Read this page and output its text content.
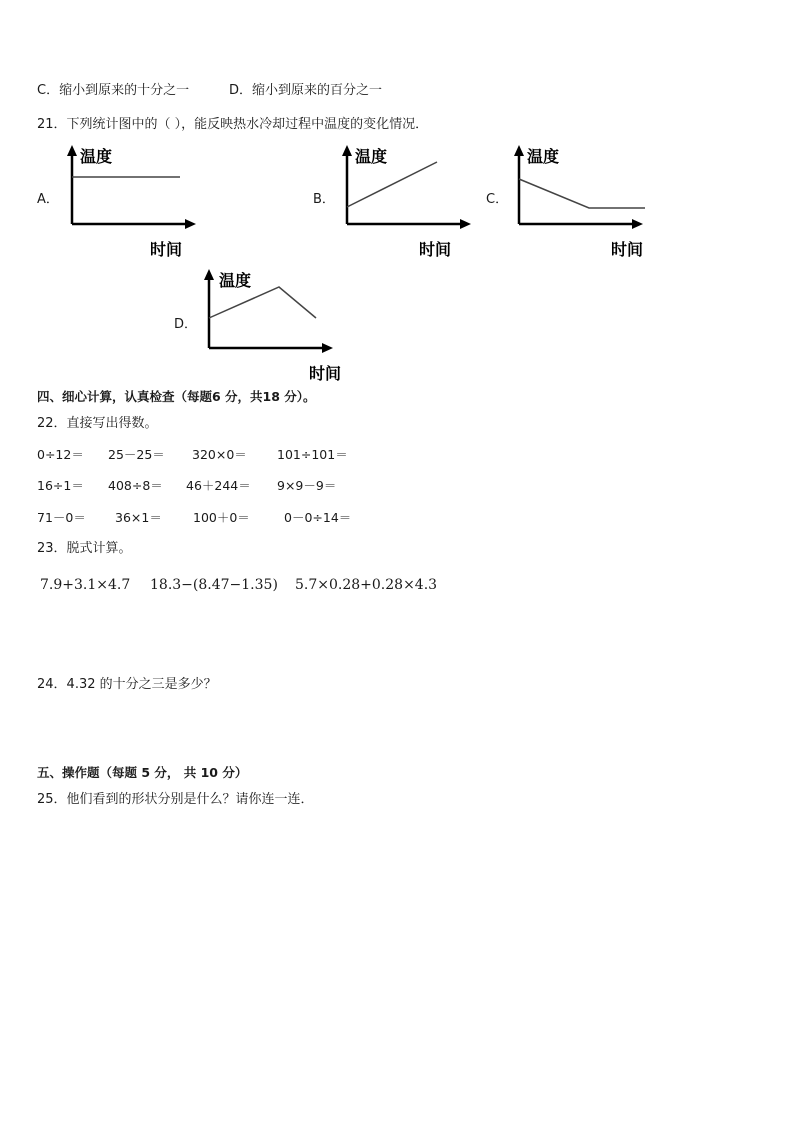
C．缩小到原来的十分之一	D．缩小到原来的百分之一
21．下列统计图中的（ ），能反映热水冷却过程中温度的变化情况．
A．
温度
时间
B．
温度
时间
C．
温度
时间
D．
温度
时间
四、细心计算，认真检查（每题6 分，共18 分）。
22．直接写出得数。
0÷12＝ 25－25＝ 320×0＝ 101÷101＝
16÷1＝ 408÷8＝ 46＋244＝ 9×9－9＝
71－0＝ 36×1＝ 100＋0＝	0－0÷14＝
23．脱式计算。
7.9+3.1×4.7 18.3−(8.47−1.35) 5.7×0.28+0.28×4.3
24．4.32 的十分之三是多少？
五、操作题（每题 5 分， 共 10 分）
25．他们看到的形状分别是什么？请你连一连．
